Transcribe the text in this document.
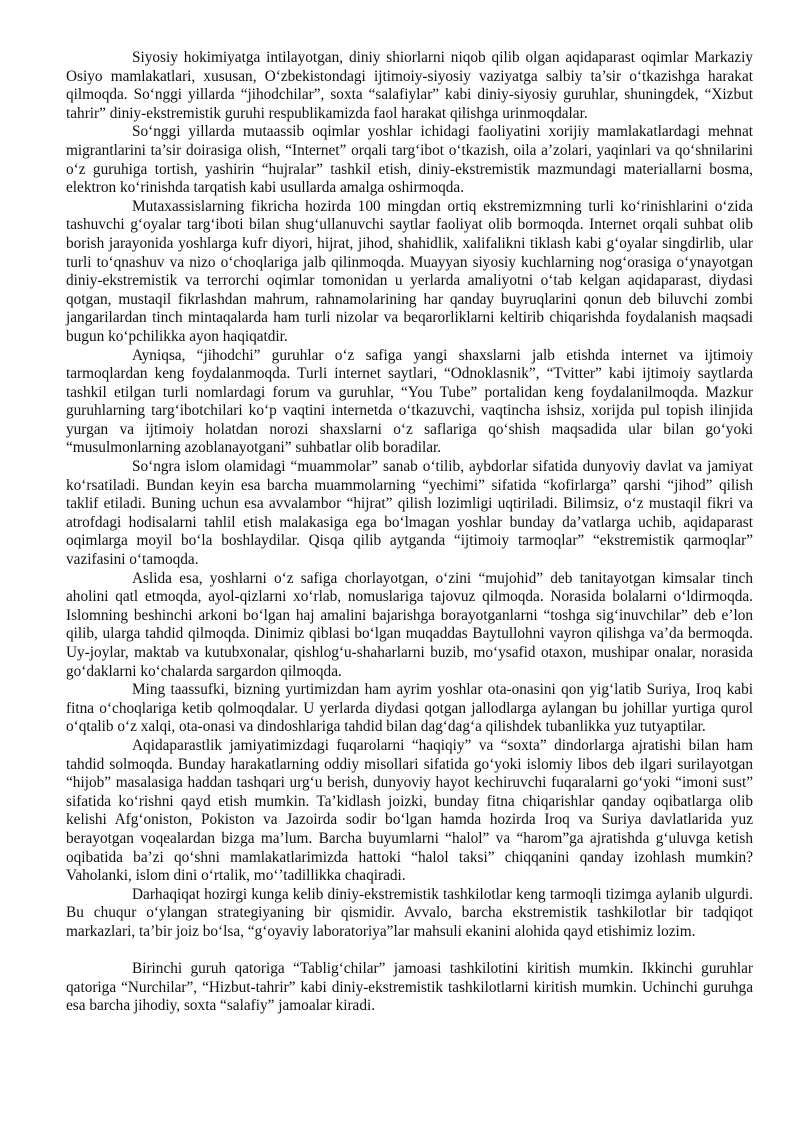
Siyosiy hokimiyatga intilayotgan, diniy shiorlarni niqob qilib olgan aqidaparast oqimlar Markaziy Osiyo mamlakatlari, xususan, O‘zbekistondagi ijtimoiy-siyosiy vaziyatga salbiy ta’sir o‘tkazishga harakat qilmoqda. So‘nggi yillarda “jihodchilar”, soxta “salafiylar” kabi diniy-siyosiy guruhlar, shuningdek, “Xizbut tahrir” diniy-ekstremistik guruhi respublikamizda faol harakat qilishga urinmoqdalar.

So‘nggi yillarda mutaassib oqimlar yoshlar ichidagi faoliyatini xorijiy mamlakatlardagi mehnat migrantlarini ta’sir doirasiga olish, “Internet” orqali targ‘ibot o‘tkazish, oila a’zolari, yaqinlari va qo‘shnilarini o‘z guruhiga tortish, yashirin “hujralar” tashkil etish, diniy-ekstremistik mazmundagi materiallarni bosma, elektron ko‘rinishda tarqatish kabi usullarda amalga oshirmoqda.

Mutaxassislarning fikricha hozirda 100 mingdan ortiq ekstremizmning turli ko‘rinishlarini o‘zida tashuvchi g‘oyalar targ‘iboti bilan shug‘ullanuvchi saytlar faoliyat olib bormoqda. Internet orqali suhbat olib borish jarayonida yoshlarga kufr diyori, hijrat, jihod, shahidlik, xalifalikni tiklash kabi g‘oyalar singdirlib, ular turli to‘qnashuv va nizo o‘choqlariga jalb qilinmoqda. Muayyan siyosiy kuchlarning nog‘orasiga o‘ynayotgan diniy-ekstremistik va terrorchi oqimlar tomonidan u yerlarda amaliyotni o‘tab kelgan aqidaparast, diydasi qotgan, mustaqil fikrlashdan mahrum, rahnamolarining har qanday buyruqlarini qonun deb biluvchi zombi jangarilardan tinch mintaqalarda ham turli nizolar va beqarorliklarni keltirib chiqarishda foydalanish maqsadi bugun ko‘pchilikka ayon haqiqatdir.

Ayniqsa, “jihodchi” guruhlar o‘z safiga yangi shaxslarni jalb etishda internet va ijtimoiy tarmoqlardan keng foydalanmoqda. Turli internet saytlari, “Odnoklasnik”, “Tvitter” kabi ijtimoiy saytlarda tashkil etilgan turli nomlardagi forum va guruhlar, “You Tube” portalidan keng foydalanilmoqda. Mazkur guruhlarning targ‘ibotchilari ko‘p vaqtini internetda o‘tkazuvchi, vaqtincha ishsiz, xorijda pul topish ilinjida yurgan va ijtimoiy holatdan norozi shaxslarni o‘z saflariga qo‘shish maqsadida ular bilan go‘yoki “musulmonlarning azoblanayotgani” suhbatlar olib boradilar.

So‘ngra islom olamidagi “muammolar” sanab o‘tilib, aybdorlar sifatida dunyoviy davlat va jamiyat ko‘rsatiladi. Bundan keyin esa barcha muammolarning “yechimi” sifatida “kofirlarga” qarshi “jihod” qilish taklif etiladi. Buning uchun esa avvalambor “hijrat” qilish lozimligi uqtiriladi. Bilimsiz, o‘z mustaqil fikri va atrofdagi hodisalarni tahlil etish malakasiga ega bo‘lmagan yoshlar bunday da’vatlarga uchib, aqidaparast oqimlarga moyil bo‘la boshlaydilar. Qisqa qilib aytganda “ijtimoiy tarmoqlar” “ekstremistik qarmoqlar” vazifasini o‘tamoqda.

Aslida esa, yoshlarni o‘z safiga chorlayotgan, o‘zini “mujohid” deb tanitayotgan kimsalar tinch aholini qatl etmoqda, ayol-qizlarni xo‘rlab, nomuslariga tajovuz qilmoqda. Norasida bolalarni o‘ldirmoqda. Islomning beshinchi arkoni bo‘lgan haj amalini bajarishga borayotganlarni “toshga sig‘inuvchilar” deb e’lon qilib, ularga tahdid qilmoqda. Dinimiz qiblasi bo‘lgan muqaddas Baytullohni vayron qilishga va’da bermoqda. Uy-joylar, maktab va kutubxonalar, qishlog‘u-shaharlarni buzib, mo‘ysafid otaxon, mushipar onalar, norasida go‘daklarni ko‘chalarda sargardon qilmoqda.

Ming taassufki, bizning yurtimizdan ham ayrim yoshlar ota-onasini qon yig‘latib Suriya, Iroq kabi fitna o‘choqlariga ketib qolmoqdalar. U yerlarda diydasi qotgan jallodlarga aylangan bu johillar yurtiga qurol o‘qtalib o‘z xalqi, ota-onasi va dindoshlariga tahdid bilan dag‘dag‘a qilishdek tubanlikka yuz tutyaptilar.

Aqidaparastlik jamiyatimizdagi fuqarolarni “haqiqiy” va “soxta” dindorlarga ajratishi bilan ham tahdid solmoqda. Bunday harakatlarning oddiy misollari sifatida go‘yoki islomiy libos deb ilgari surilayotgan “hijob” masalasiga haddan tashqari urg‘u berish, dunyoviy hayot kechiruvchi fuqaralarni go‘yoki “imoni sust” sifatida ko‘rishni qayd etish mumkin. Ta’kidlash joizki, bunday fitna chiqarishlar qanday oqibatlarga olib kelishi Afg‘oniston, Pokiston va Jazoirda sodir bo‘lgan hamda hozirda Iroq va Suriya davlatlarida yuz berayotgan voqealardan bizga ma’lum. Barcha buyumlarni “halol” va “harom”ga ajratishda g‘uluvga ketish oqibatida ba’zi qo‘shni mamlakatlarimizda hattoki “halol taksi” chiqqanini qanday izohlash mumkin? Vaholanki, islom dini o‘rtalik, mo‘’tadillikka chaqiradi.

Darhaqiqat hozirgi kunga kelib diniy-ekstremistik tashkilotlar keng tarmoqli tizimga aylanib ulgurdi. Bu chuqur o‘ylangan strategiyaning bir qismidir. Avvalo, barcha ekstremistik tashkilotlar bir tadqiqot markazlari, ta’bir joiz bo‘lsa, “g‘oyaviy laboratoriya”lar mahsuli ekanini alohida qayd etishimiz lozim.

Birinchi guruh qatoriga “Tablig‘chilar” jamoasi tashkilotini kiritish mumkin. Ikkinchi guruhlar qatoriga “Nurchilar”, “Hizbut-tahrir” kabi diniy-ekstremistik tashkilotlarni kiritish mumkin. Uchinchi guruhga esa barcha jihodiy, soxta “salafiy” jamoalar kiradi.
